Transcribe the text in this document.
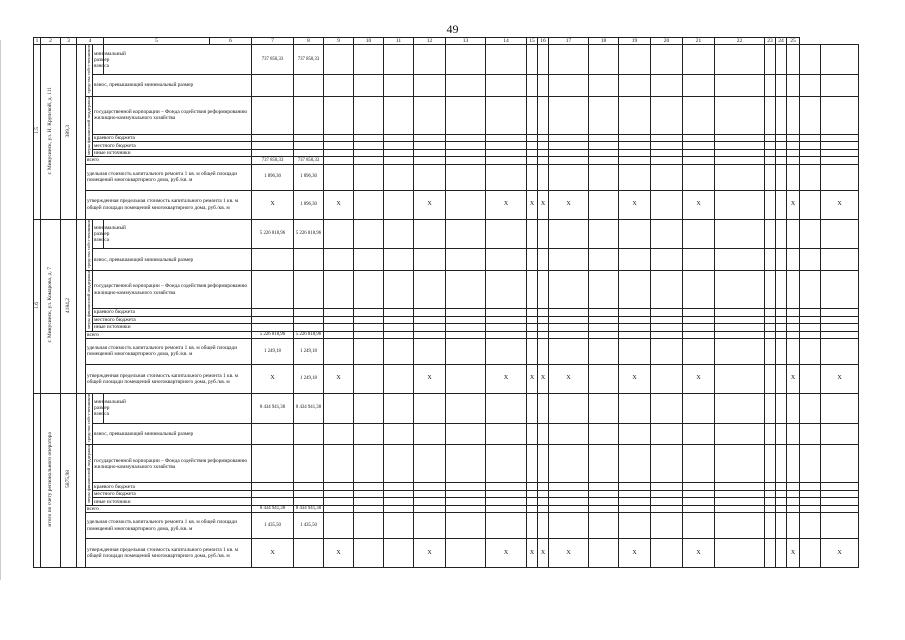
49
1	2	3	4			5	6	7	8	9	10	11	12	13	14	15	16	17	18	19	20	21	22	23	24	25		
1.5	г. Минусинск, ул. Н. Крупской, д. 111	389,3		средства собст-венников	минимальный размер взноса			737 850,33	737 850,33																			
					взнос, превышающий минимальный размер																							
				меры финансовой поддержки	государственной корпорации – Фонда содействия реформированию жилищно-коммунального хозяйства																							
					краевого бюджета																							
					местного бюджета																							
					иные источники																							
				всего				737 850,33	737 850,33																			
				удельная стоимость капитального ремонта 1 кв. м общей площади помещений многоквартирного дома, руб./кв. м				1 896,30	1 896,30																			
				утвержденная предельная стоимость капитального ремонта 1 кв. м общей площади помещений многоквартирного дома, руб./кв. м				X	1 896,30	X			X		X	X	X	X		X		X				X		X
1.6	г. Минусинск, ул. Комарова, д. 7	4184,2		средства собст-венников	минимальный размер взноса			5 226 818,96	5 226 818,96																			
					взнос, превышающий минимальный размер																							
				меры финансовой поддержки	государственной корпорации – Фонда содействия реформированию жилищно-коммунального хозяйства																							
					краевого бюджета																							
					местного бюджета																							
					иные источники																							
				всего				5 226 818,96	5 226 818,96																			
				удельная стоимость капитального ремонта 1 кв. м общей площади помещений многоквартирного дома, руб./кв. м				1 249,18	1 249,18																			
				утвержденная предельная стоимость капитального ремонта 1 кв. м общей площади помещений многоквартирного дома, руб./кв. м				X	1 249,18	X			X		X	X	X	X		X		X				X		X
	итого по счету регионального оператора	5875,98		средства собст-венников	минимальный размер взноса			8 434 941,38	8 434 941,38																			
					взнос, превышающий минимальный размер																							
				меры финансовой поддержки	государственной корпорации – Фонда содействия реформированию жилищно-коммунального хозяйства																							
					краевого бюджета																							
					местного бюджета																							
					иные источники																							
				всего				8 434 941,38	8 434 941,38																			
				удельная стоимость капитального ремонта 1 кв. м общей площади помещений многоквартирного дома, руб./кв. м				1 435,50	1 435,50																			
				утвержденная предельная стоимость капитального ремонта 1 кв. м общей площади помещений многоквартирного дома, руб./кв. м				X		X			X		X	X	X	X		X		X				X		X
